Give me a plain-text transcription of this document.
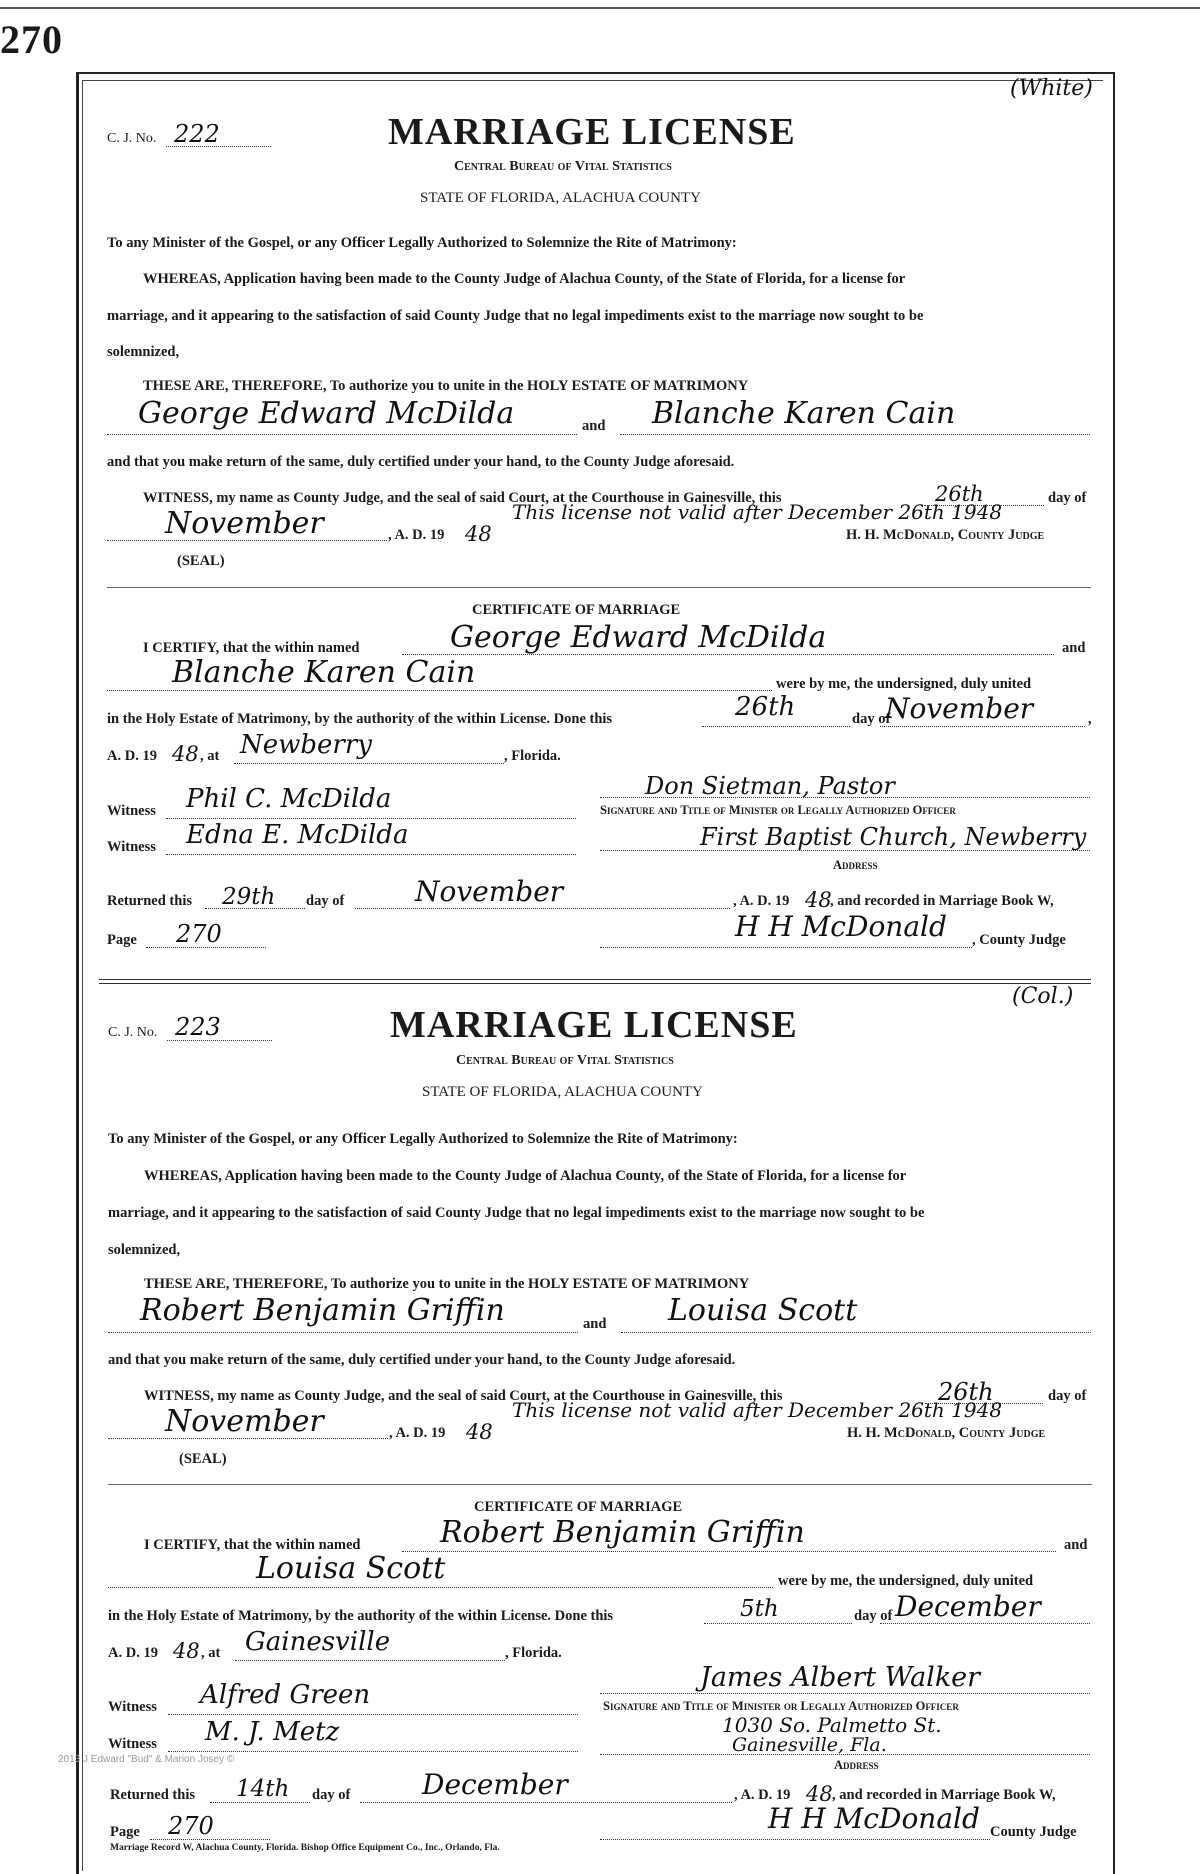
270
(White)
C. J. No. 222	MARRIAGE LICENSE
Central Bureau of Vital Statistics
STATE OF FLORIDA, ALACHUA COUNTY
To any Minister of the Gospel, or any Officer Legally Authorized to Solemnize the Rite of Matrimony:
WHEREAS, Application having been made to the County Judge of Alachua County, of the State of Florida, for a license for
marriage, and it appearing to the satisfaction of said County Judge that no legal impediments exist to the marriage now sought to be
solemnized,
THESE ARE, THEREFORE, To authorize you to unite in the HOLY ESTATE OF MATRIMONY
George Edward McDilda	and Blanche Karen Cain
and that you make return of the same, duly certified under your hand, to the County Judge aforesaid.
WITNESS, my name as County Judge, and the seal of said Court, at the Courthouse in Gainesville, this	26th	day of
November	, A. D. 19 48
This license not valid after December 26th 1948
H. H. McDonald, County Judge
(SEAL)
CERTIFICATE OF MARRIAGE
I CERTIFY, that the within named	George Edward McDilda	and
Blanche Karen Cain	were by me, the undersigned, duly united
in the Holy Estate of Matrimony, by the authority of the within License. Done this	26th	day of
November	,
A. D. 19 48 , at Newberry	, Florida.
Witness Phil C. McDilda	Don Sietman, Pastor
Signature and Title of Minister or Legally Authorized Officer
Witness Edna E. McDilda	First Baptist Church, Newberry
Address
Returned this 29th day of	November	, A. D. 19 48
, and recorded in Marriage Book W,
Page 270	H H McDonald , County Judge
(Col.)
C. J. No. 223	MARRIAGE LICENSE
Central Bureau of Vital Statistics
STATE OF FLORIDA, ALACHUA COUNTY
To any Minister of the Gospel, or any Officer Legally Authorized to Solemnize the Rite of Matrimony:
WHEREAS, Application having been made to the County Judge of Alachua County, of the State of Florida, for a license for
marriage, and it appearing to the satisfaction of said County Judge that no legal impediments exist to the marriage now sought to be
solemnized,
THESE ARE, THEREFORE, To authorize you to unite in the HOLY ESTATE OF MATRIMONY
Robert Benjamin Griffin	and Louisa Scott
and that you make return of the same, duly certified under your hand, to the County Judge aforesaid.
WITNESS, my name as County Judge, and the seal of said Court, at the Courthouse in Gainesville, this	26th	day of
November	, A. D. 19 48
This license not valid after December 26th 1948
H. H. McDonald, County Judge
(SEAL)
CERTIFICATE OF MARRIAGE
I CERTIFY, that the within named	Robert Benjamin Griffin	and
Louisa Scott	were by me, the undersigned, duly united
in the Holy Estate of Matrimony, by the authority of the within License. Done this	5th	day of December
A. D. 19 48 , at Gainesville	, Florida.
Witness Alfred Green
James Albert Walker
Signature and Title of Minister or Legally Authorized Officer
Witness M. J. Metz	1030 So. Palmetto St.
Gainesville, Fla.
Address
2013 J Edward "Bud" & Marion Josey ©
Returned this 14th day of	December	, A. D. 19 48 , and recorded in Marriage Book W,
Page 270	H H McDonald County Judge
Marriage Record W, Alachua County, Florida. Bishop Office Equipment Co., Inc., Orlando, Fla.
